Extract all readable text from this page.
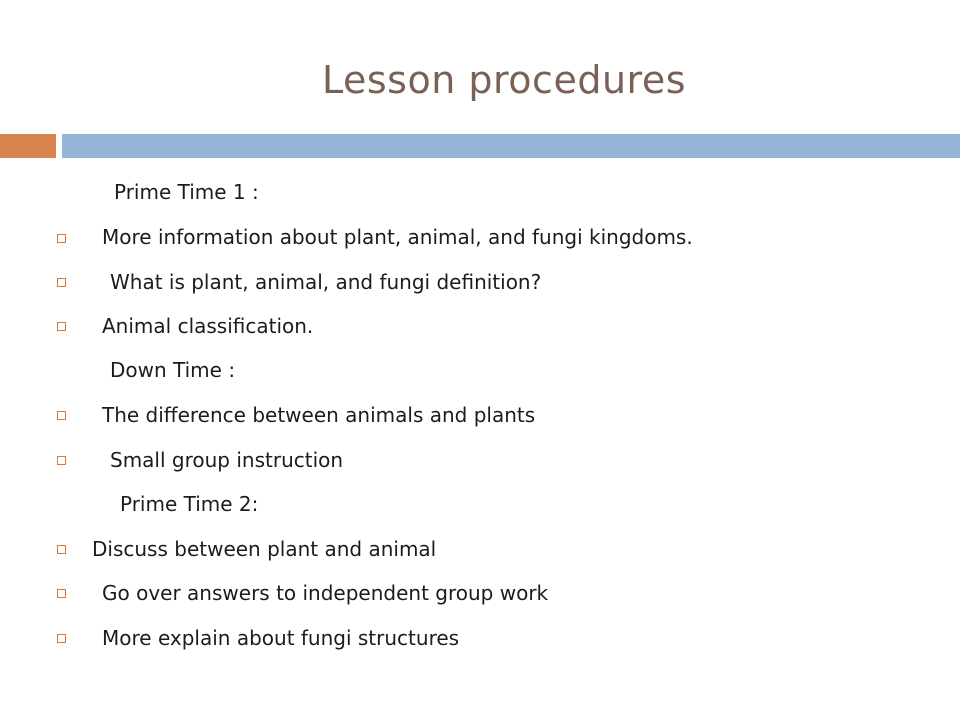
Lesson procedures
Prime Time 1 :
More information about plant, animal, and fungi kingdoms.
What is plant, animal, and fungi definition?
Animal classification.
Down Time :
The difference between animals and plants
Small group instruction
Prime Time 2:
Discuss between plant and animal
Go over answers to independent group work
More explain about fungi structures
